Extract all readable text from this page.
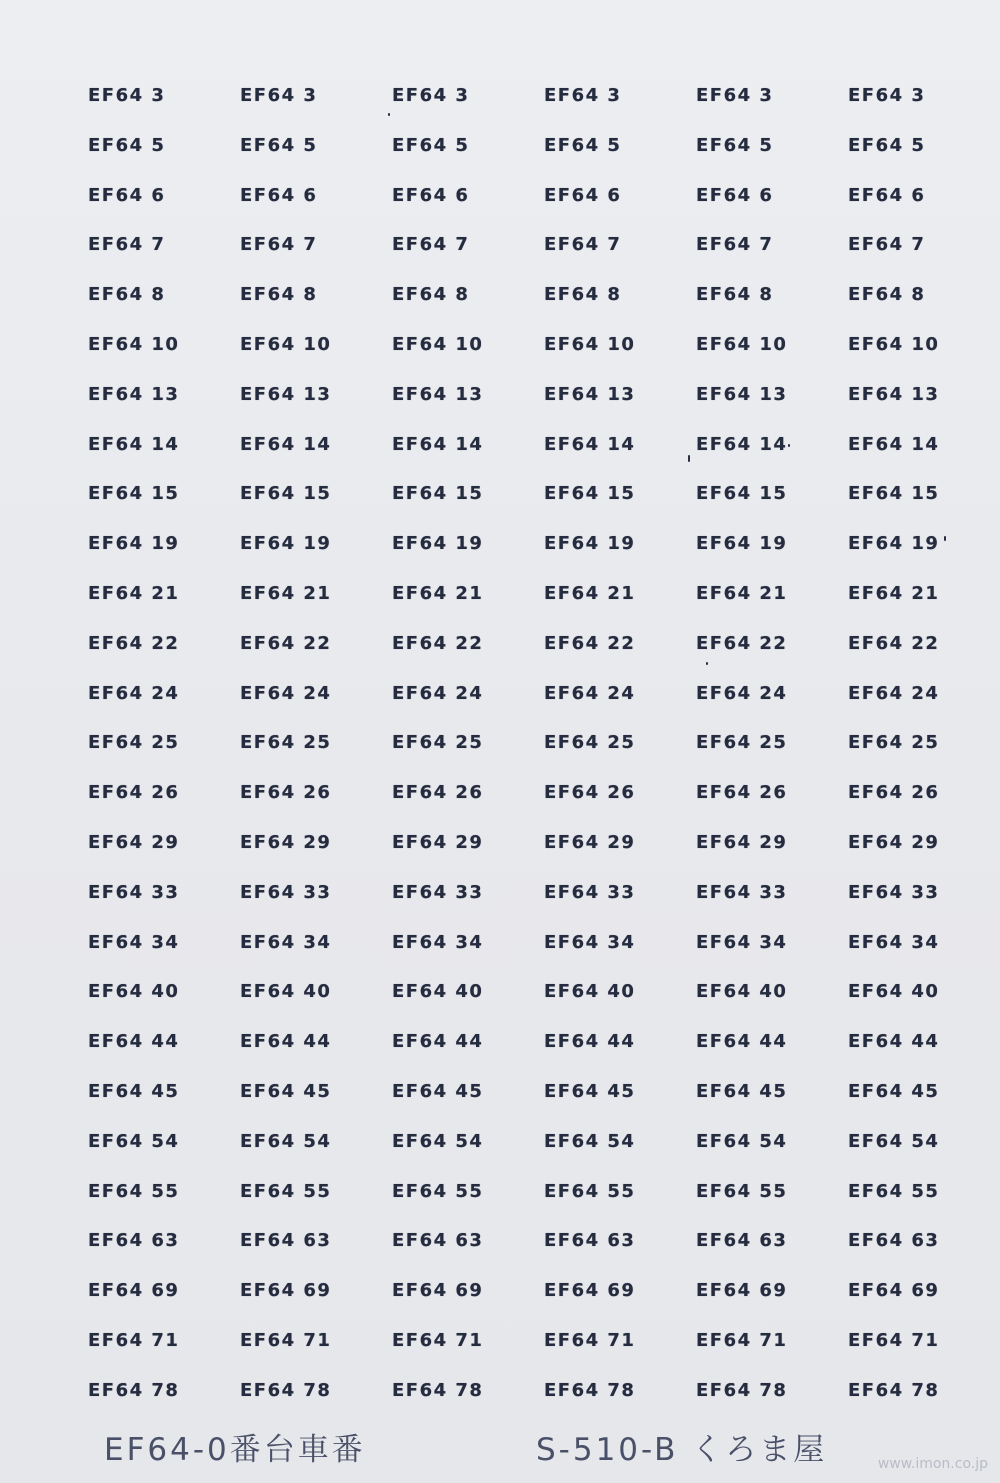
EF64 3	EF64 3	EF64 3	EF64 3	EF64 3	EF64 3
EF64 5	EF64 5	EF64 5	EF64 5	EF64 5	EF64 5
EF64 6	EF64 6	EF64 6	EF64 6	EF64 6	EF64 6
EF64 7	EF64 7	EF64 7	EF64 7	EF64 7	EF64 7
EF64 8	EF64 8	EF64 8	EF64 8	EF64 8	EF64 8
EF64 10	EF64 10	EF64 10	EF64 10	EF64 10	EF64 10
EF64 13	EF64 13	EF64 13	EF64 13	EF64 13	EF64 13
EF64 14	EF64 14	EF64 14	EF64 14	EF64 14	EF64 14
EF64 15	EF64 15	EF64 15	EF64 15	EF64 15	EF64 15
EF64 19	EF64 19	EF64 19	EF64 19	EF64 19	EF64 19
EF64 21	EF64 21	EF64 21	EF64 21	EF64 21	EF64 21
EF64 22	EF64 22	EF64 22	EF64 22	EF64 22	EF64 22
EF64 24	EF64 24	EF64 24	EF64 24	EF64 24	EF64 24
EF64 25	EF64 25	EF64 25	EF64 25	EF64 25	EF64 25
EF64 26	EF64 26	EF64 26	EF64 26	EF64 26	EF64 26
EF64 29	EF64 29	EF64 29	EF64 29	EF64 29	EF64 29
EF64 33	EF64 33	EF64 33	EF64 33	EF64 33	EF64 33
EF64 34	EF64 34	EF64 34	EF64 34	EF64 34	EF64 34
EF64 40	EF64 40	EF64 40	EF64 40	EF64 40	EF64 40
EF64 44	EF64 44	EF64 44	EF64 44	EF64 44	EF64 44
EF64 45	EF64 45	EF64 45	EF64 45	EF64 45	EF64 45
EF64 54	EF64 54	EF64 54	EF64 54	EF64 54	EF64 54
EF64 55	EF64 55	EF64 55	EF64 55	EF64 55	EF64 55
EF64 63	EF64 63	EF64 63	EF64 63	EF64 63	EF64 63
EF64 69	EF64 69	EF64 69	EF64 69	EF64 69	EF64 69
EF64 71	EF64 71	EF64 71	EF64 71	EF64 71	EF64 71
EF64 78	EF64 78	EF64 78	EF64 78	EF64 78	EF64 78
EF64-0番台車番	S-510-B くろま屋	www.imon.co.jp
